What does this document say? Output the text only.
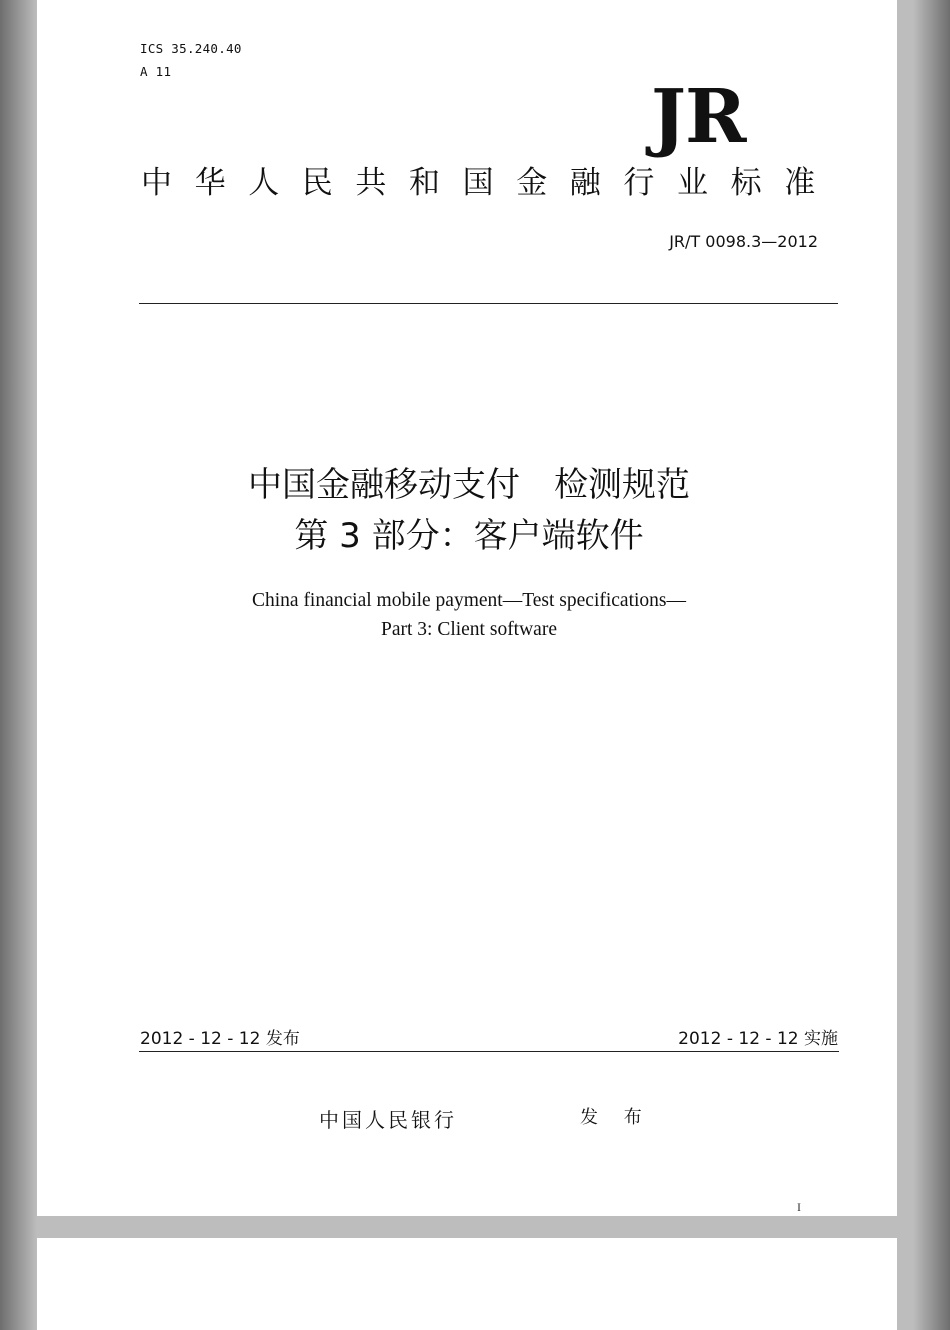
ICS 35.240.40
A 11
JR
中华人民共和国金融行业标准
JR/T 0098.3—2012
中国金融移动支付　检测规范
第 3 部分：客户端软件
China financial mobile payment—Test specifications—
Part 3: Client software
2012 - 12 - 12 发布	2012 - 12 - 12 实施
中国人民银行	发 布
I
